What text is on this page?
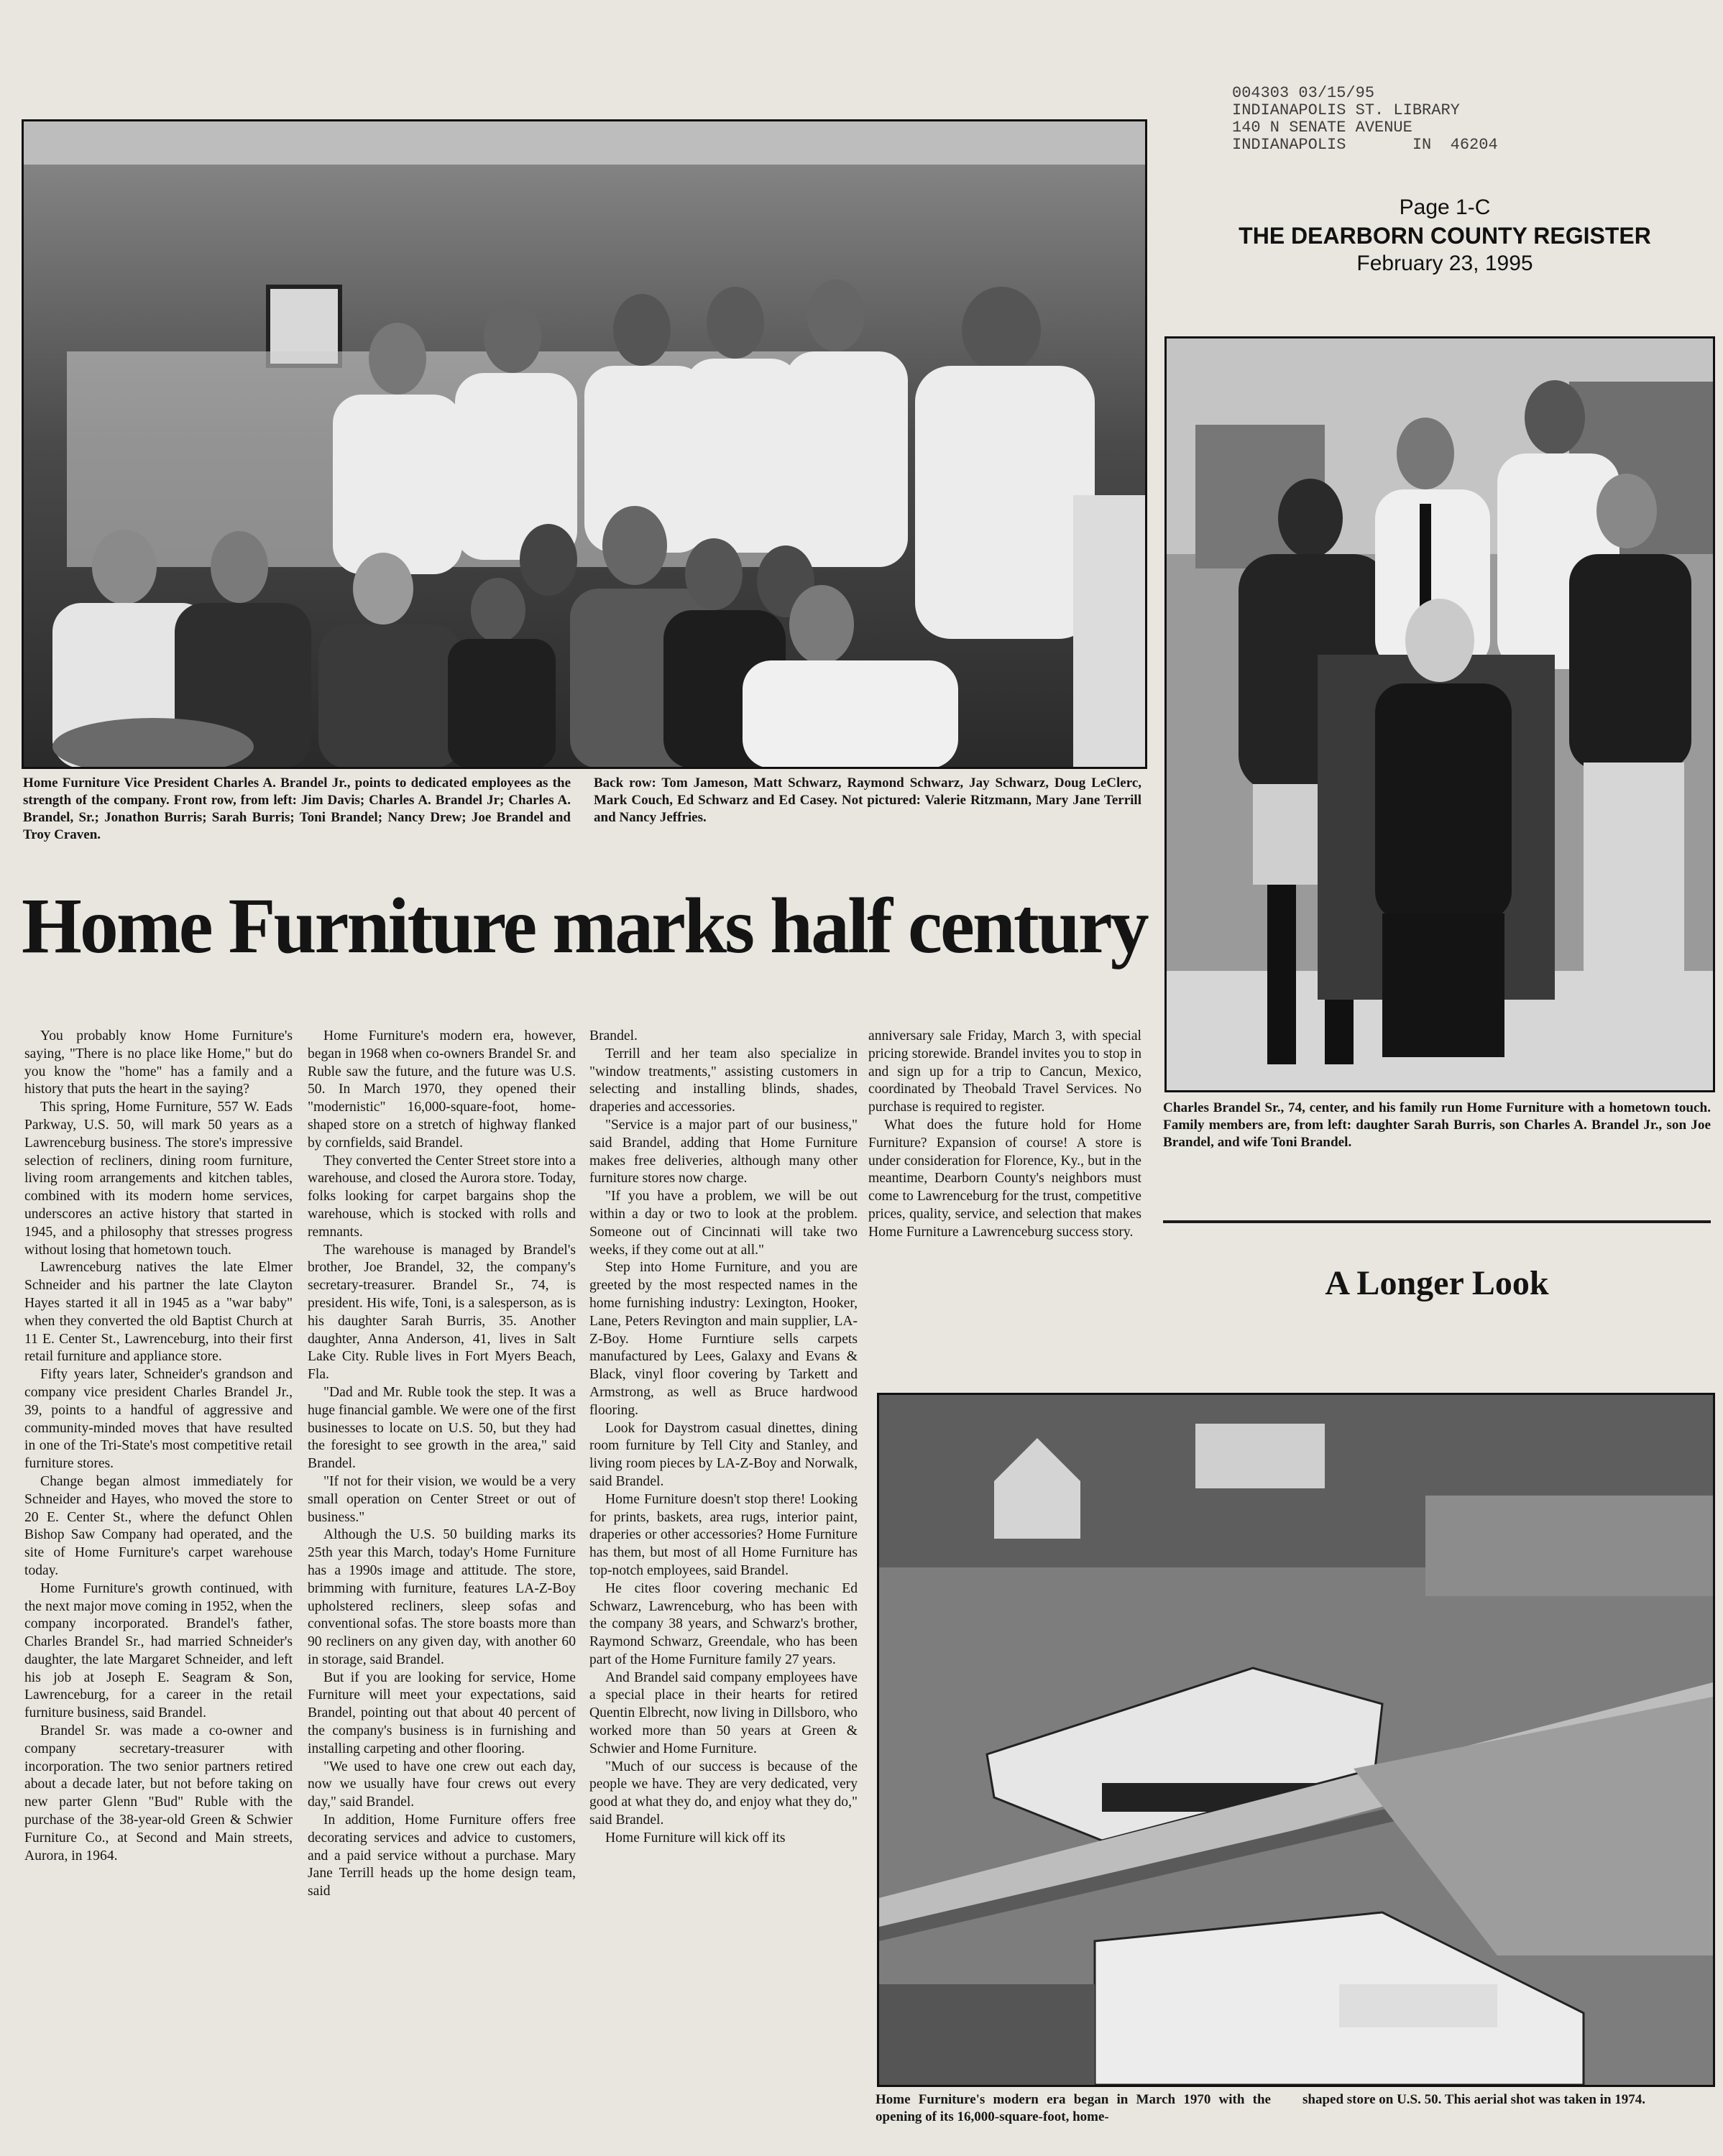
004303 03/15/95
INDIANAPOLIS ST. LIBRARY
140 N SENATE AVENUE
INDIANAPOLIS       IN  46204
Page 1-C
THE DEARBORN COUNTY REGISTER
February 23, 1995
Home Furniture Vice President Charles A. Brandel Jr., points to dedicated employees as the strength of the company. Front row, from left: Jim Davis; Charles A. Brandel Jr; Charles A. Brandel, Sr.; Jonathon Burris; Sarah Burris; Toni Brandel; Nancy Drew; Joe Brandel and Troy Craven.
Back row: Tom Jameson, Matt Schwarz, Raymond Schwarz, Jay Schwarz, Doug LeClerc, Mark Couch, Ed Schwarz and Ed Casey. Not pictured: Valerie Ritzmann, Mary Jane Terrill and Nancy Jeffries.
Charles Brandel Sr., 74, center, and his family run Home Furniture with a hometown touch. Family members are, from left: daughter Sarah Burris, son Charles A. Brandel Jr., son Joe Brandel, and wife Toni Brandel.
A Longer Look
Home Furniture marks half century

You probably know Home Furniture's saying, "There is no place like Home," but do you know the "home" has a family and a history that puts the heart in the saying?

This spring, Home Furniture, 557 W. Eads Parkway, U.S. 50, will mark 50 years as a Lawrenceburg business. The store's impressive selection of recliners, dining room furniture, living room arrangements and kitchen tables, combined with its modern home services, underscores an active history that started in 1945, and a philosophy that stresses progress without losing that hometown touch.

Lawrenceburg natives the late Elmer Schneider and his partner the late Clayton Hayes started it all in 1945 as a "war baby" when they converted the old Baptist Church at 11 E. Center St., Lawrenceburg, into their first retail furniture and appliance store.

Fifty years later, Schneider's grandson and company vice president Charles Brandel Jr., 39, points to a handful of aggressive and community-minded moves that have resulted in one of the Tri-State's most competitive retail furniture stores.

Change began almost immediately for Schneider and Hayes, who moved the store to 20 E. Center St., where the defunct Ohlen Bishop Saw Company had operated, and the site of Home Furniture's carpet warehouse today.

Home Furniture's growth continued, with the next major move coming in 1952, when the company incorporated. Brandel's father, Charles Brandel Sr., had married Schneider's daughter, the late Margaret Schneider, and left his job at Joseph E. Seagram & Son, Lawrenceburg, for a career in the retail furniture business, said Brandel.

Brandel Sr. was made a co-owner and company secretary-treasurer with incorporation. The two senior partners retired about a decade later, but not before taking on new parter Glenn "Bud" Ruble with the purchase of the 38-year-old Green & Schwier Furniture Co., at Second and Main streets, Aurora, in 1964.

Home Furniture's modern era, however, began in 1968 when co-owners Brandel Sr. and Ruble saw the future, and the future was U.S. 50. In March 1970, they opened their "modernistic" 16,000-square-foot, home-shaped store on a stretch of highway flanked by cornfields, said Brandel.

They converted the Center Street store into a warehouse, and closed the Aurora store. Today, folks looking for carpet bargains shop the warehouse, which is stocked with rolls and remnants.

The warehouse is managed by Brandel's brother, Joe Brandel, 32, the company's secretary-treasurer. Brandel Sr., 74, is president. His wife, Toni, is a salesperson, as is his daughter Sarah Burris, 35. Another daughter, Anna Anderson, 41, lives in Salt Lake City. Ruble lives in Fort Myers Beach, Fla.

"Dad and Mr. Ruble took the step. It was a huge financial gamble. We were one of the first businesses to locate on U.S. 50, but they had the foresight to see growth in the area," said Brandel.

"If not for their vision, we would be a very small operation on Center Street or out of business."

Although the U.S. 50 building marks its 25th year this March, today's Home Furniture has a 1990s image and attitude. The store, brimming with furniture, features LA-Z-Boy upholstered recliners, sleep sofas and conventional sofas. The store boasts more than 90 recliners on any given day, with another 60 in storage, said Brandel.

But if you are looking for service, Home Furniture will meet your expectations, said Brandel, pointing out that about 40 percent of the company's business is in furnishing and installing carpeting and other flooring.

"We used to have one crew out each day, now we usually have four crews out every day," said Brandel.

In addition, Home Furniture offers free decorating services and advice to customers, and a paid service without a purchase. Mary Jane Terrill heads up the home design team, said

Brandel.

Terrill and her team also specialize in "window treatments," assisting customers in selecting and installing blinds, shades, draperies and accessories.

"Service is a major part of our business," said Brandel, adding that Home Furniture makes free deliveries, although many other furniture stores now charge.

"If you have a problem, we will be out within a day or two to look at the problem. Someone out of Cincinnati will take two weeks, if they come out at all."

Step into Home Furniture, and you are greeted by the most respected names in the home furnishing industry: Lexington, Hooker, Lane, Peters Revington and main supplier, LA-Z-Boy. Home Furntiure sells carpets manufactured by Lees, Galaxy and Evans & Black, vinyl floor covering by Tarkett and Armstrong, as well as Bruce hardwood flooring.

Look for Daystrom casual dinettes, dining room furniture by Tell City and Stanley, and living room pieces by LA-Z-Boy and Norwalk, said Brandel.

Home Furniture doesn't stop there! Looking for prints, baskets, area rugs, interior paint, draperies or other accessories? Home Furniture has them, but most of all Home Furniture has top-notch employees, said Brandel.

He cites floor covering mechanic Ed Schwarz, Lawrenceburg, who has been with the company 38 years, and Schwarz's brother, Raymond Schwarz, Greendale, who has been part of the Home Furniture family 27 years.

And Brandel said company employees have a special place in their hearts for retired Quentin Elbrecht, now living in Dillsboro, who worked more than 50 years at Green & Schwier and Home Furniture.

"Much of our success is because of the people we have. They are very dedicated, very good at what they do, and enjoy what they do," said Brandel.

Home Furniture will kick off its

anniversary sale Friday, March 3, with special pricing storewide. Brandel invites you to stop in and sign up for a trip to Cancun, Mexico, coordinated by Theobald Travel Services. No purchase is required to register.

What does the future hold for Home Furniture? Expansion of course! A store is under consideration for Florence, Ky., but in the meantime, Dearborn County's neighbors must come to Lawrenceburg for the trust, competitive prices, quality, service, and selection that makes Home Furniture a Lawrenceburg success story.

Home Furniture's modern era began in March 1970 with the opening of its 16,000-square-foot, home-
shaped store on U.S. 50. This aerial shot was taken in 1974.
